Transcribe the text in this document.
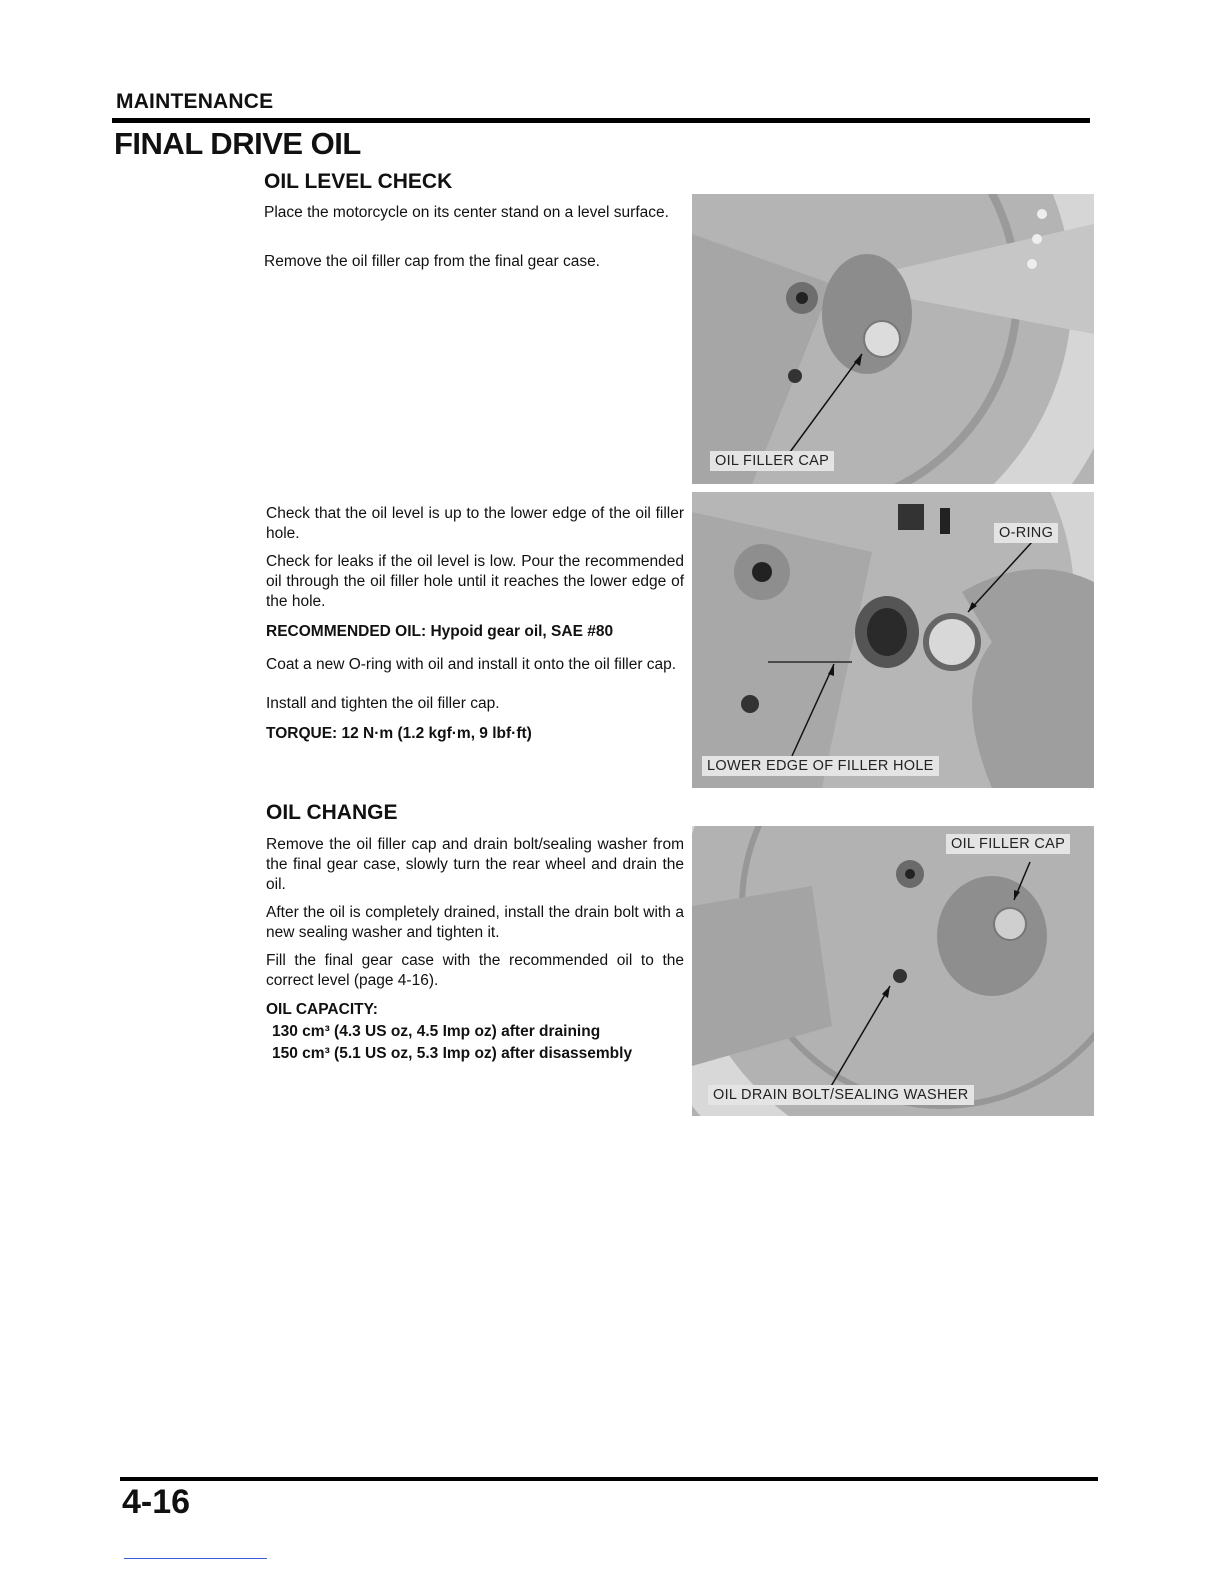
MAINTENANCE
FINAL DRIVE OIL
OIL LEVEL CHECK
Place the motorcycle on its center stand on a level surface.
Remove the oil filler cap from the final gear case.
Check that the oil level is up to the lower edge of the oil filler hole.
Check for leaks if the oil level is low. Pour the recommended oil through the oil filler hole until it reaches the lower edge of the hole.
RECOMMENDED OIL: Hypoid gear oil, SAE #80
Coat a new O-ring with oil and install it onto the oil filler cap.
Install and tighten the oil filler cap.
TORQUE: 12 N·m (1.2 kgf·m, 9 lbf·ft)
OIL CHANGE
Remove the oil filler cap and drain bolt/sealing washer from the final gear case, slowly turn the rear wheel and drain the oil.
After the oil is completely drained, install the drain bolt with a new sealing washer and tighten it.
Fill the final gear case with the recommended oil to the correct level (page 4-16).
OIL CAPACITY:
130 cm³ (4.3 US oz, 4.5 Imp oz) after draining
150 cm³ (5.1 US oz, 5.3 Imp oz) after disassembly
OIL FILLER CAP
O-RING
LOWER EDGE OF FILLER HOLE
OIL FILLER CAP
OIL DRAIN BOLT/SEALING WASHER
4-16
